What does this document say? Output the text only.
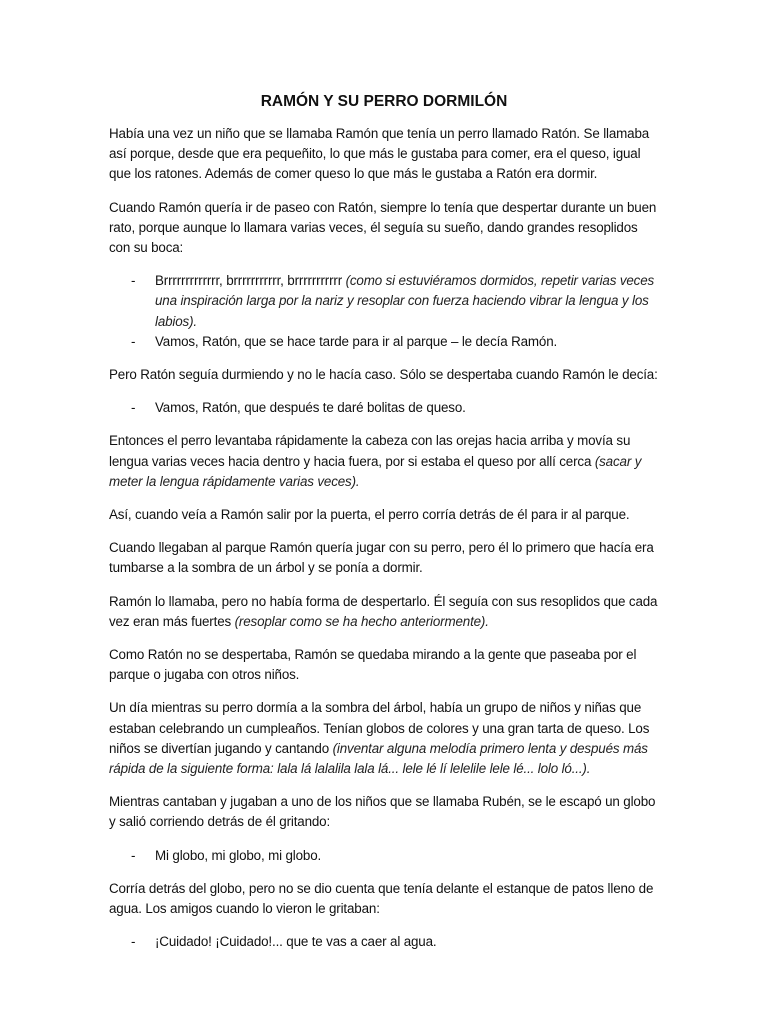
RAMÓN Y SU PERRO DORMILÓN

Había una vez un niño que se llamaba Ramón que tenía un perro llamado Ratón. Se llamaba así porque, desde que era pequeñito, lo que más le gustaba para comer, era el queso, igual que los ratones. Además de comer queso lo que más le gustaba a Ratón era dormir.

Cuando Ramón quería ir de paseo con Ratón, siempre lo tenía que despertar durante un buen rato, porque aunque lo llamara varias veces, él seguía su sueño, dando grandes resoplidos con su boca:

- Brrrrrrrrrrrrr, brrrrrrrrrrr, brrrrrrrrrrr (como si estuviéramos dormidos, repetir varias veces una inspiración larga por la nariz y resoplar con fuerza haciendo vibrar la lengua y los labios).
- Vamos, Ratón, que se hace tarde para ir al parque – le decía Ramón.

Pero Ratón seguía durmiendo y no le hacía caso. Sólo se despertaba cuando Ramón le decía:

- Vamos, Ratón, que después te daré bolitas de queso.

Entonces el perro levantaba rápidamente la cabeza con las orejas hacia arriba y movía su lengua varias veces hacia dentro y hacia fuera, por si estaba el queso por allí cerca (sacar y meter la lengua rápidamente varias veces).

Así, cuando veía a Ramón salir por la puerta, el perro corría detrás de él para ir al parque.

Cuando llegaban al parque Ramón quería jugar con su perro, pero él lo primero que hacía era tumbarse a la sombra de un árbol y se ponía a dormir.

Ramón lo llamaba, pero no había forma de despertarlo. Él seguía con sus resoplidos que cada vez eran más fuertes (resoplar como se ha hecho anteriormente).

Como Ratón no se despertaba, Ramón se quedaba mirando a la gente que paseaba por el parque o jugaba con otros niños.

Un día mientras su perro dormía a la sombra del árbol, había un grupo de niños y niñas que estaban celebrando un cumpleaños. Tenían globos de colores y una gran tarta de queso. Los niños se divertían jugando y cantando (inventar alguna melodía primero lenta y después más rápida de la siguiente forma: lala lá lalalila lala lá... lele lé lí lelelile lele lé... lolo ló...).

Mientras cantaban y jugaban a uno de los niños que se llamaba Rubén, se le escapó un globo y salió corriendo detrás de él gritando:

- Mi globo, mi globo, mi globo.

Corría detrás del globo, pero no se dio cuenta que tenía delante el estanque de patos lleno de agua. Los amigos cuando lo vieron le gritaban:

- ¡Cuidado! ¡Cuidado!... que te vas a caer al agua.
